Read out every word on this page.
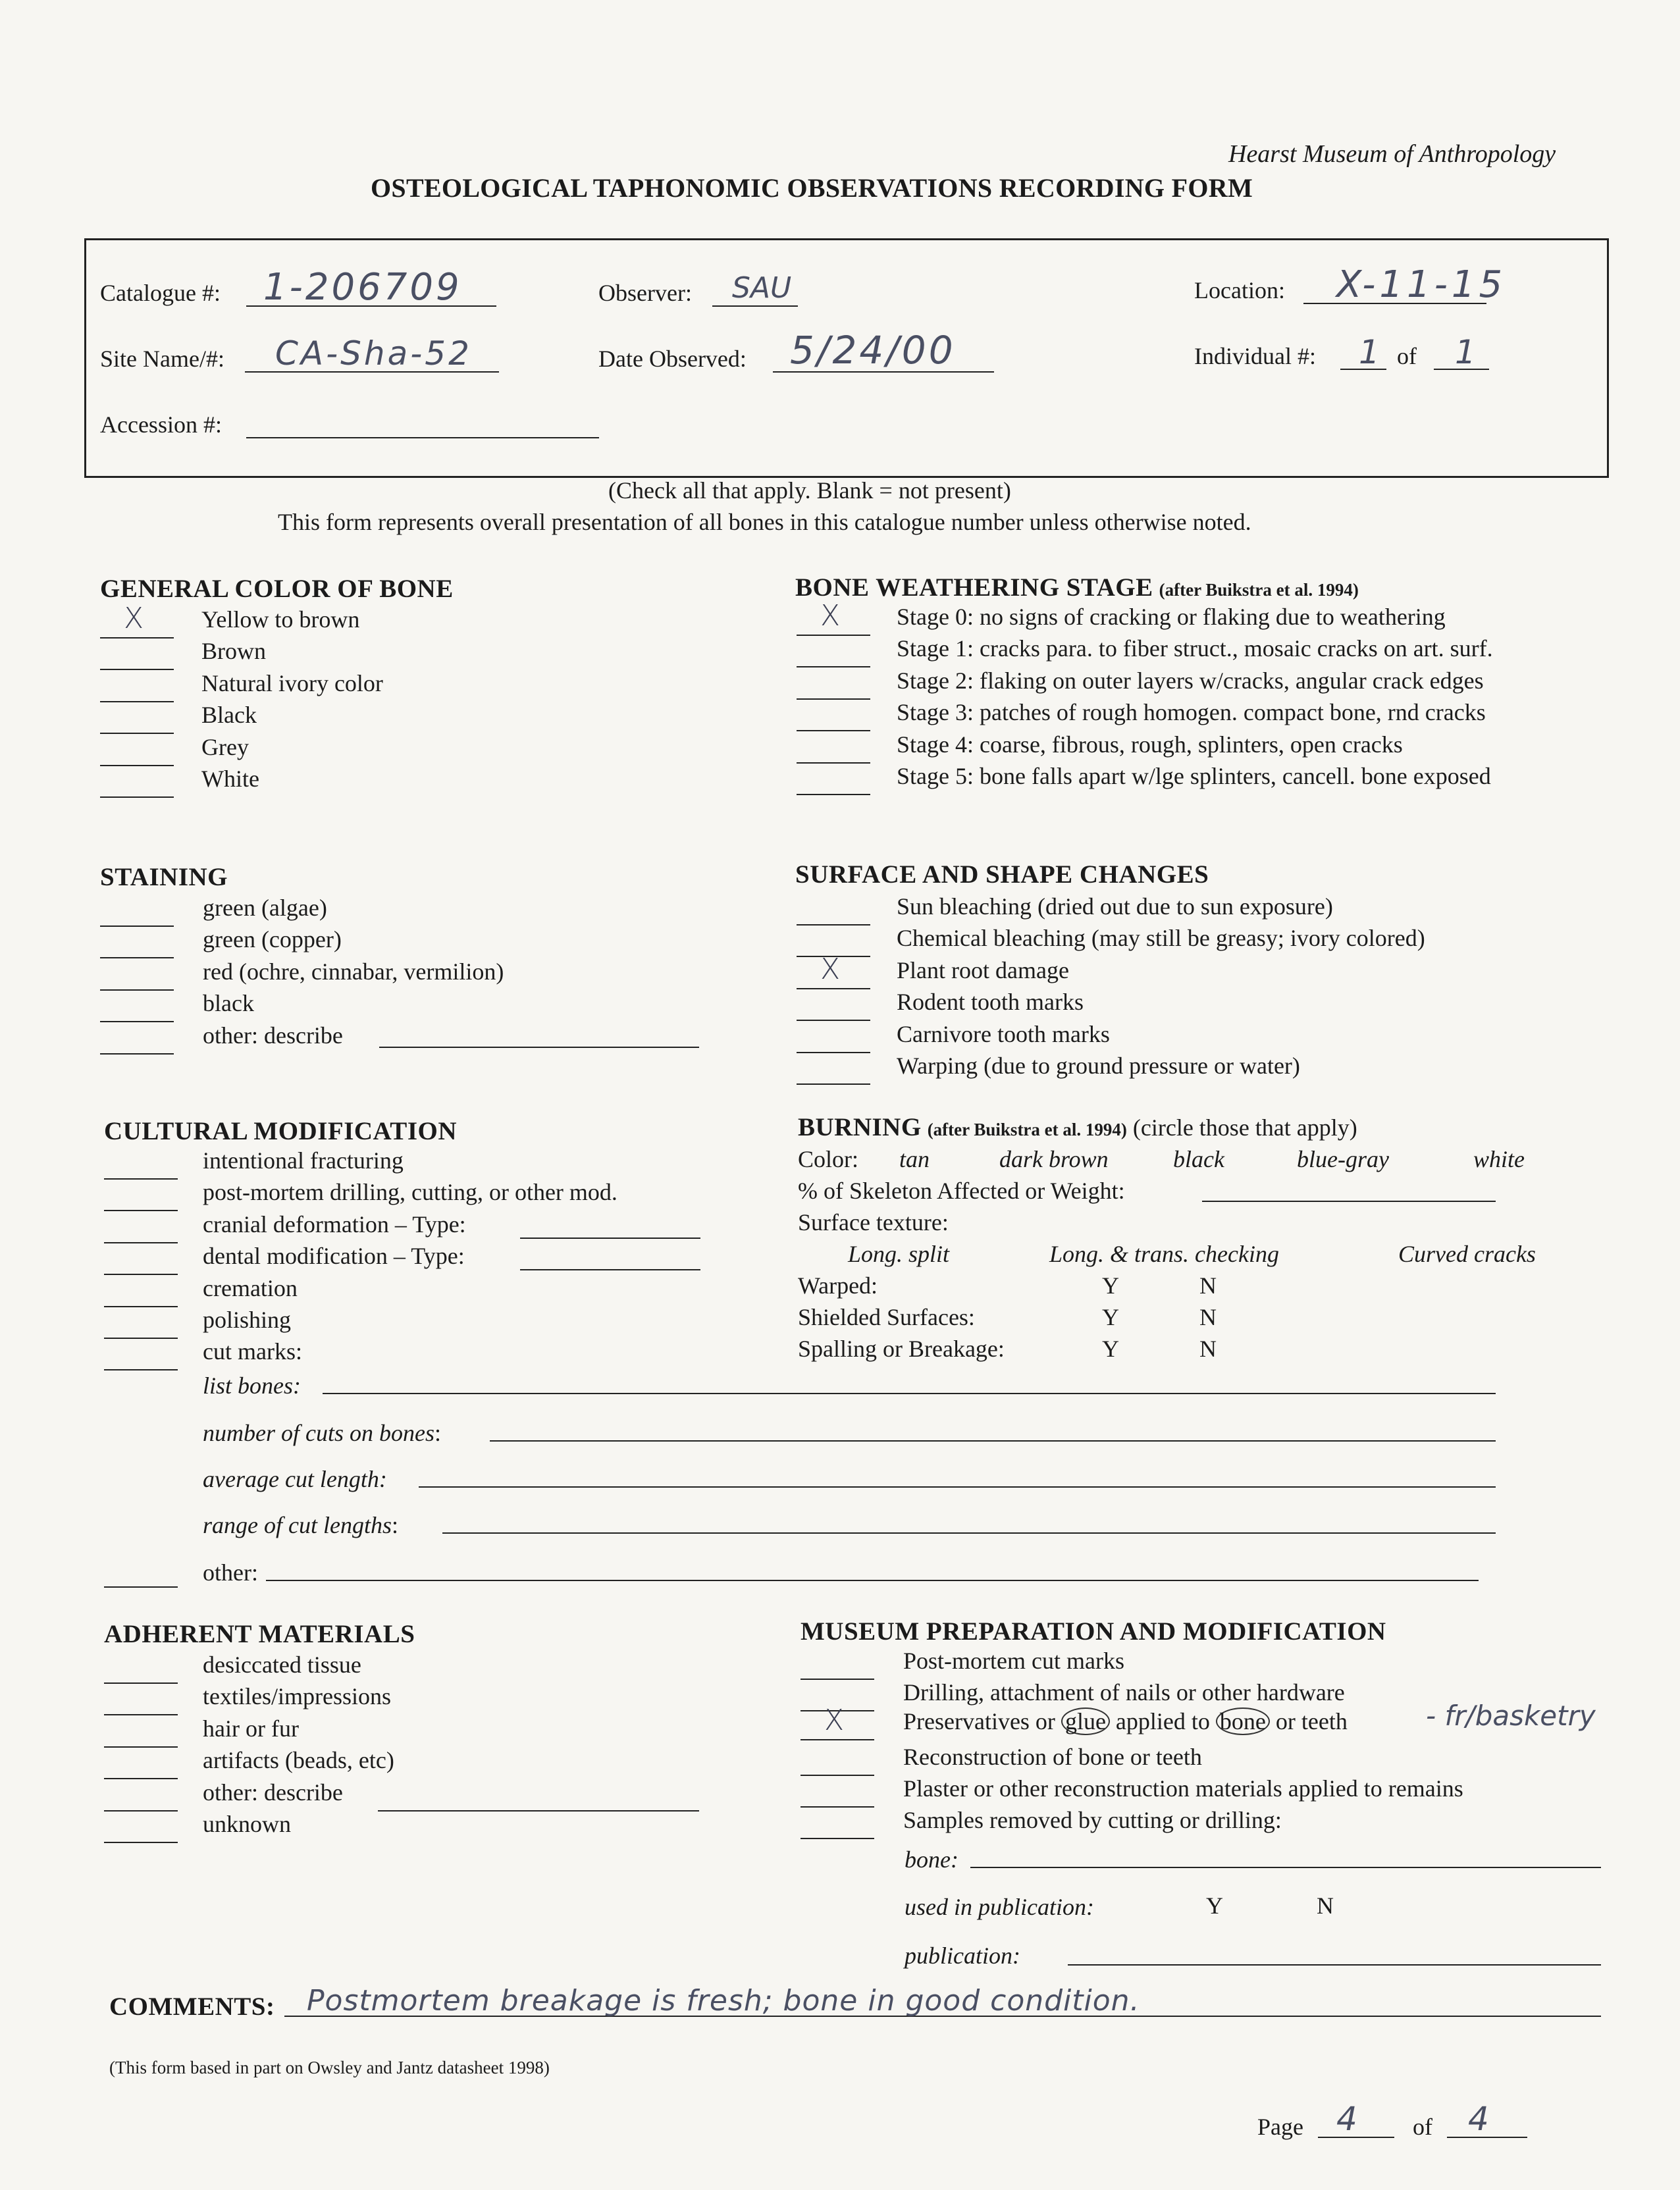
Hearst Museum of Anthropology
OSTEOLOGICAL TAPHONOMIC OBSERVATIONS RECORDING FORM
Catalogue #: 1-206709	Observer: SAU	Location: X-11-15
Site Name/#: CA-Sha-52	Date Observed: 5/24/00	Individual #: 1 of 1
Accession #:
(Check all that apply. Blank = not present)
This form represents overall presentation of all bones in this catalogue number unless otherwise noted.
GENERAL COLOR OF BONE
X Yellow to brown
Brown
Natural ivory color
Black
Grey
White
BONE WEATHERING STAGE (after Buikstra et al. 1994)
X Stage 0: no signs of cracking or flaking due to weathering
Stage 1: cracks para. to fiber struct., mosaic cracks on art. surf.
Stage 2: flaking on outer layers w/cracks, angular crack edges
Stage 3: patches of rough homogen. compact bone, rnd cracks
Stage 4: coarse, fibrous, rough, splinters, open cracks
Stage 5: bone falls apart w/lge splinters, cancell. bone exposed
STAINING
green (algae)
green (copper)
red (ochre, cinnabar, vermilion)
black
other: describe
SURFACE AND SHAPE CHANGES
Sun bleaching (dried out due to sun exposure)
Chemical bleaching (may still be greasy; ivory colored)
X Plant root damage
Rodent tooth marks
Carnivore tooth marks
Warping (due to ground pressure or water)
CULTURAL MODIFICATION
intentional fracturing
post-mortem drilling, cutting, or other mod.
cranial deformation – Type:
dental modification – Type:
cremation
polishing
cut marks:
list bones:
number of cuts on bones:
average cut length:
range of cut lengths:
other:
BURNING (after Buikstra et al. 1994) (circle those that apply)
Color: tan	dark brown	black	blue-gray	white
% of Skeleton Affected or Weight:
Surface texture:
Long. split	Long. & trans. checking	Curved cracks
Warped:	Y	N
Shielded Surfaces:	Y	N
Spalling or Breakage:	Y	N
ADHERENT MATERIALS
desiccated tissue
textiles/impressions
hair or fur
artifacts (beads, etc)
other: describe
unknown
MUSEUM PREPARATION AND MODIFICATION
Post-mortem cut marks
Drilling, attachment of nails or other hardware
Reconstruction of bone or teeth
Plaster or other reconstruction materials applied to remains
Samples removed by cutting or drilling:
X Preservatives or glue applied to bone or teeth	- fr/basketry
bone:
used in publication:	Y	N
publication:
COMMENTS: Postmortem breakage is fresh; bone in good condition.
(This form based in part on Owsley and Jantz datasheet 1998)
Page 4 of 4
